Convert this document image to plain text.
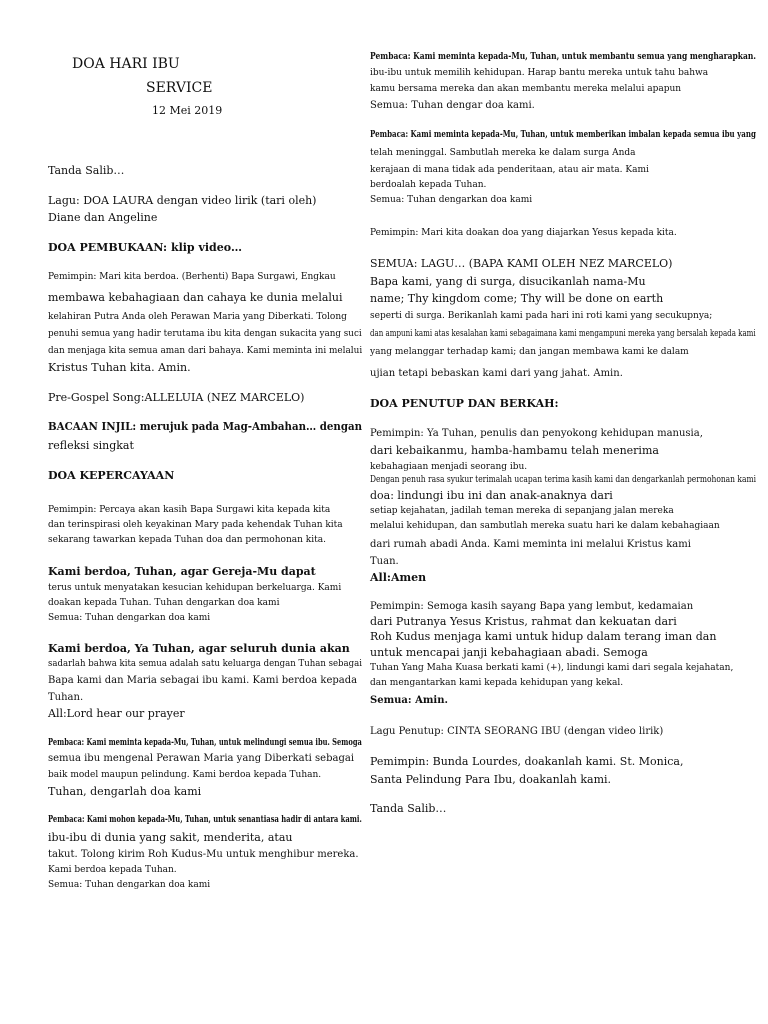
DOA HARI IBU
SERVICE
12 Mei 2019
Tanda Salib…
Lagu: DOA LAURA dengan video lirik (tari oleh)
Diane dan Angeline
DOA PEMBUKAAN: klip video…
Pemimpin: Mari kita berdoa. (Berhenti) Bapa Surgawi, Engkau
membawa kebahagiaan dan cahaya ke dunia melalui
kelahiran Putra Anda oleh Perawan Maria yang Diberkati. Tolong
penuhi semua yang hadir terutama ibu kita dengan sukacita yang suci
dan menjaga kita semua aman dari bahaya. Kami meminta ini melalui
Kristus Tuhan kita. Amin.
Pre-Gospel Song:ALLELUIA (NEZ MARCELO)
BACAAN INJIL: merujuk pada Mag-Ambahan… dengan
refleksi singkat
DOA KEPERCAYAAN
Pemimpin: Percaya akan kasih Bapa Surgawi kita kepada kita
dan terinspirasi oleh keyakinan Mary pada kehendak Tuhan kita
sekarang tawarkan kepada Tuhan doa dan permohonan kita.
Kami berdoa, Tuhan, agar Gereja-Mu dapat
terus untuk menyatakan kesucian kehidupan berkeluarga. Kami
doakan kepada Tuhan. Tuhan dengarkan doa kami
Semua: Tuhan dengarkan doa kami
Kami berdoa, Ya Tuhan, agar seluruh dunia akan
sadarlah bahwa kita semua adalah satu keluarga dengan Tuhan sebagai
Bapa kami dan Maria sebagai ibu kami. Kami berdoa kepada
Tuhan.
All:Lord hear our prayer
Pembaca: Kami meminta kepada-Mu, Tuhan, untuk melindungi semua ibu. Semoga
semua ibu mengenal Perawan Maria yang Diberkati sebagai
baik model maupun pelindung. Kami berdoa kepada Tuhan.
Tuhan, dengarlah doa kami
Pembaca: Kami mohon kepada-Mu, Tuhan, untuk senantiasa hadir di antara kami.
ibu-ibu di dunia yang sakit, menderita, atau
takut. Tolong kirim Roh Kudus-Mu untuk menghibur mereka.
Kami berdoa kepada Tuhan.
Semua: Tuhan dengarkan doa kami
Pembaca: Kami meminta kepada-Mu, Tuhan, untuk membantu semua yang mengharapkan.
ibu-ibu untuk memilih kehidupan. Harap bantu mereka untuk tahu bahwa
kamu bersama mereka dan akan membantu mereka melalui apapun
Semua: Tuhan dengar doa kami.
Pembaca: Kami meminta kepada-Mu, Tuhan, untuk memberikan imbalan kepada semua ibu yang
telah meninggal. Sambutlah mereka ke dalam surga Anda
kerajaan di mana tidak ada penderitaan, atau air mata. Kami
berdoalah kepada Tuhan.
Semua: Tuhan dengarkan doa kami
Pemimpin: Mari kita doakan doa yang diajarkan Yesus kepada kita.
SEMUA: LAGU… (BAPA KAMI OLEH NEZ MARCELO)
Bapa kami, yang di surga, disucikanlah nama-Mu
name; Thy kingdom come; Thy will be done on earth
seperti di surga. Berikanlah kami pada hari ini roti kami yang secukupnya;
dan ampuni kami atas kesalahan kami sebagaimana kami mengampuni mereka yang bersalah kepada kami
yang melanggar terhadap kami; dan jangan membawa kami ke dalam
ujian tetapi bebaskan kami dari yang jahat. Amin.
DOA PENUTUP DAN BERKAH:
Pemimpin: Ya Tuhan, penulis dan penyokong kehidupan manusia,
dari kebaikanmu, hamba-hambamu telah menerima
kebahagiaan menjadi seorang ibu.
Dengan penuh rasa syukur terimalah ucapan terima kasih kami dan dengarkanlah permohonan kami
doa: lindungi ibu ini dan anak-anaknya dari
setiap kejahatan, jadilah teman mereka di sepanjang jalan mereka
melalui kehidupan, dan sambutlah mereka suatu hari ke dalam kebahagiaan
dari rumah abadi Anda. Kami meminta ini melalui Kristus kami
Tuan.
All:Amen
Pemimpin: Semoga kasih sayang Bapa yang lembut, kedamaian
dari Putranya Yesus Kristus, rahmat dan kekuatan dari
Roh Kudus menjaga kami untuk hidup dalam terang iman dan
untuk mencapai janji kebahagiaan abadi. Semoga
Tuhan Yang Maha Kuasa berkati kami (+), lindungi kami dari segala kejahatan,
dan mengantarkan kami kepada kehidupan yang kekal.
Semua: Amin.
Lagu Penutup: CINTA SEORANG IBU (dengan video lirik)
Pemimpin: Bunda Lourdes, doakanlah kami. St. Monica,
Santa Pelindung Para Ibu, doakanlah kami.
Tanda Salib…
